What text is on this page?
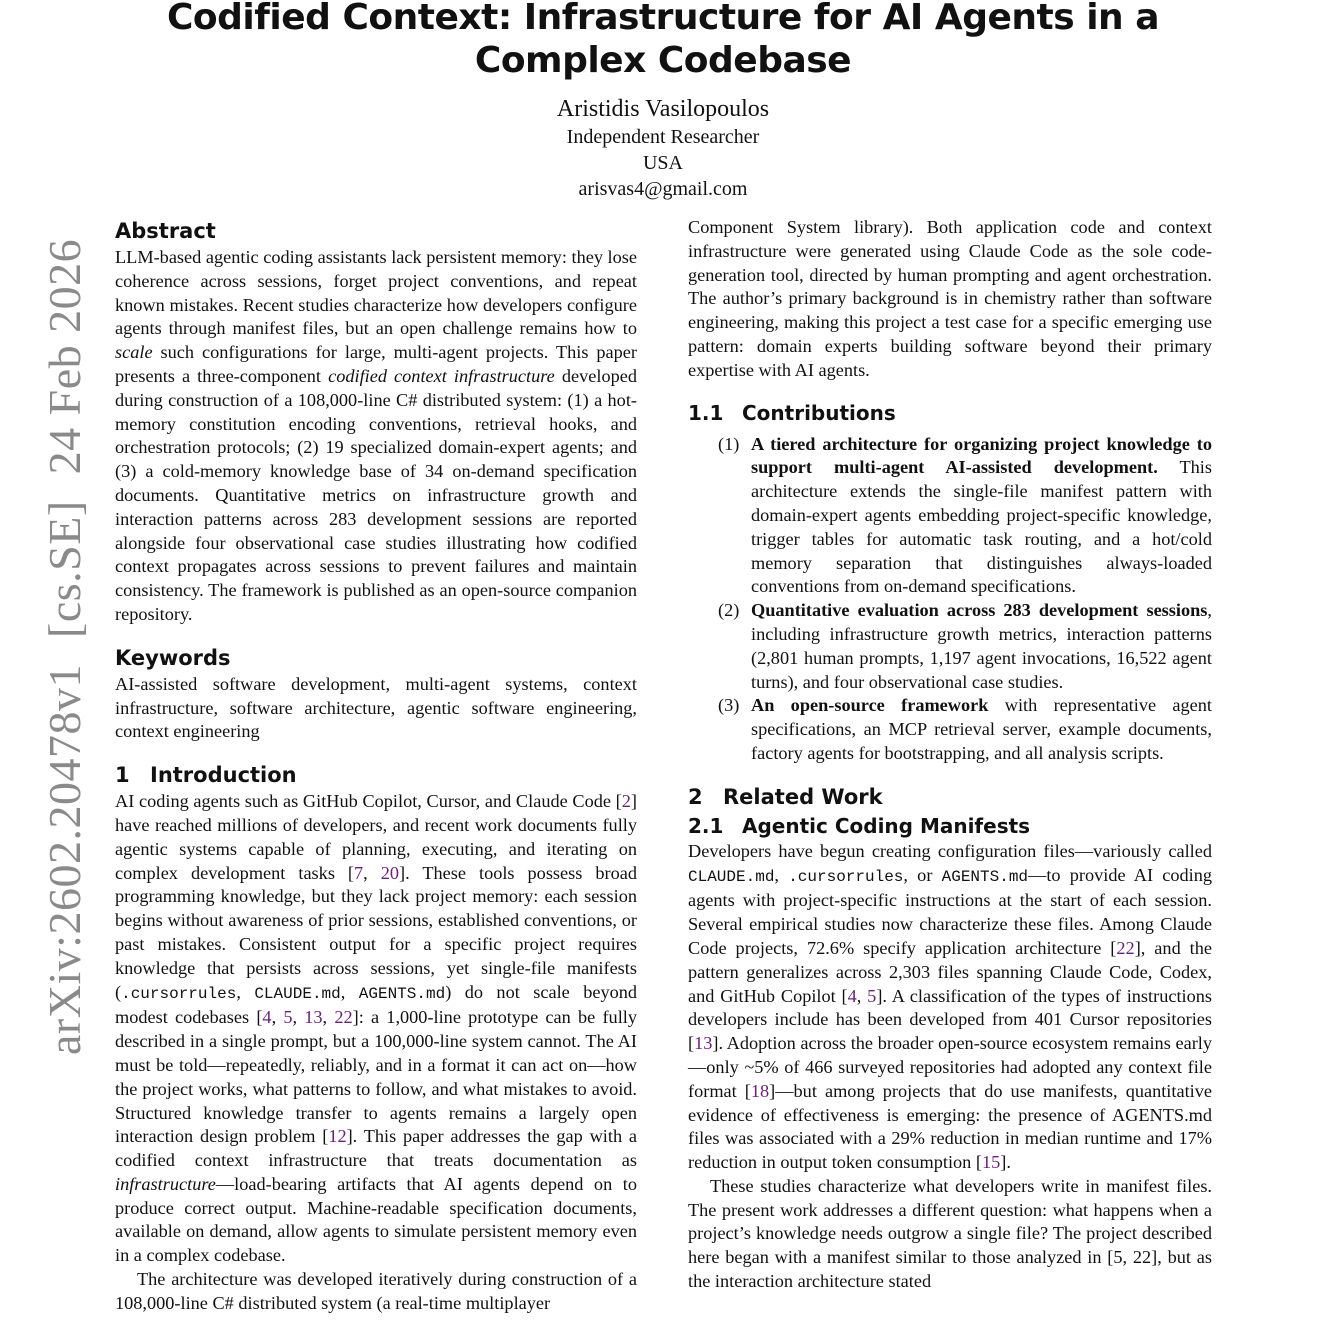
arXiv:2602.20478v1[cs.SE]24 Feb 2026
Codified Context: Infrastructure for AI Agents in a Complex Codebase
Aristidis Vasilopoulos
Independent Researcher
USA
arisvas4@gmail.com
Abstract

LLM-based agentic coding assistants lack persistent memory: they lose coherence across sessions, forget project conventions, and repeat known mistakes. Recent studies characterize how developers configure agents through manifest files, but an open challenge remains how to scale such configurations for large, multi-agent projects. This paper presents a three-component codified context infrastructure developed during construction of a 108,000-line C# distributed system: (1) a hot-memory constitution encoding conventions, retrieval hooks, and orchestration protocols; (2) 19 specialized domain-expert agents; and (3) a cold-memory knowledge base of 34 on-demand specification documents. Quantitative metrics on infrastructure growth and interaction patterns across 283 development sessions are reported alongside four observational case studies illustrating how codified context propagates across sessions to prevent failures and maintain consistency. The framework is published as an open-source companion repository.

Keywords

AI-assisted software development, multi-agent systems, context infrastructure, software architecture, agentic software engineering, context engineering

1 Introduction

AI coding agents such as GitHub Copilot, Cursor, and Claude Code [2] have reached millions of developers, and recent work documents fully agentic systems capable of planning, executing, and iterating on complex development tasks [7, 20]. These tools possess broad programming knowledge, but they lack project memory: each session begins without awareness of prior sessions, established conventions, or past mistakes. Consistent output for a specific project requires knowledge that persists across sessions, yet single-file manifests (.cursorrules, CLAUDE.md, AGENTS.md) do not scale beyond modest codebases [4, 5, 13, 22]: a 1,000-line prototype can be fully described in a single prompt, but a 100,000-line system cannot. The AI must be told—repeatedly, reliably, and in a format it can act on—how the project works, what patterns to follow, and what mistakes to avoid. Structured knowledge transfer to agents remains a largely open interaction design problem [12]. This paper addresses the gap with a codified context infrastructure that treats documentation as infrastructure—load-bearing artifacts that AI agents depend on to produce correct output. Machine-readable specification documents, available on demand, allow agents to simulate persistent memory even in a complex codebase.

The architecture was developed iteratively during construction of a 108,000-line C# distributed system (a real-time multiplayer

Component System library). Both application code and context infrastructure were generated using Claude Code as the sole code-generation tool, directed by human prompting and agent orchestration. The author’s primary background is in chemistry rather than software engineering, making this project a test case for a specific emerging use pattern: domain experts building software beyond their primary expertise with AI agents.

1.1 Contributions
(1) A tiered architecture for organizing project knowledge to support multi-agent AI-assisted development. This architecture extends the single-file manifest pattern with domain-expert agents embedding project-specific knowledge, trigger tables for automatic task routing, and a hot/cold memory separation that distinguishes always-loaded conventions from on-demand specifications.
(2) Quantitative evaluation across 283 development sessions, including infrastructure growth metrics, interaction patterns (2,801 human prompts, 1,197 agent invocations, 16,522 agent turns), and four observational case studies.
(3) An open-source framework with representative agent specifications, an MCP retrieval server, example documents, factory agents for bootstrapping, and all analysis scripts.
2 Related Work
2.1 Agentic Coding Manifests

Developers have begun creating configuration files—variously called CLAUDE.md, .cursorrules, or AGENTS.md—to provide AI coding agents with project-specific instructions at the start of each session. Several empirical studies now characterize these files. Among Claude Code projects, 72.6% specify application architecture [22], and the pattern generalizes across 2,303 files spanning Claude Code, Codex, and GitHub Copilot [4, 5]. A classification of the types of instructions developers include has been developed from 401 Cursor repositories [13]. Adoption across the broader open-source ecosystem remains early—only ~5% of 466 surveyed repositories had adopted any context file format [18]—but among projects that do use manifests, quantitative evidence of effectiveness is emerging: the presence of AGENTS.md files was associated with a 29% reduction in median runtime and 17% reduction in output token consumption [15].

These studies characterize what developers write in manifest files. The present work addresses a different question: what happens when a project’s knowledge needs outgrow a single file? The project described here began with a manifest similar to those analyzed in [5, 22], but as the interaction architecture stated
